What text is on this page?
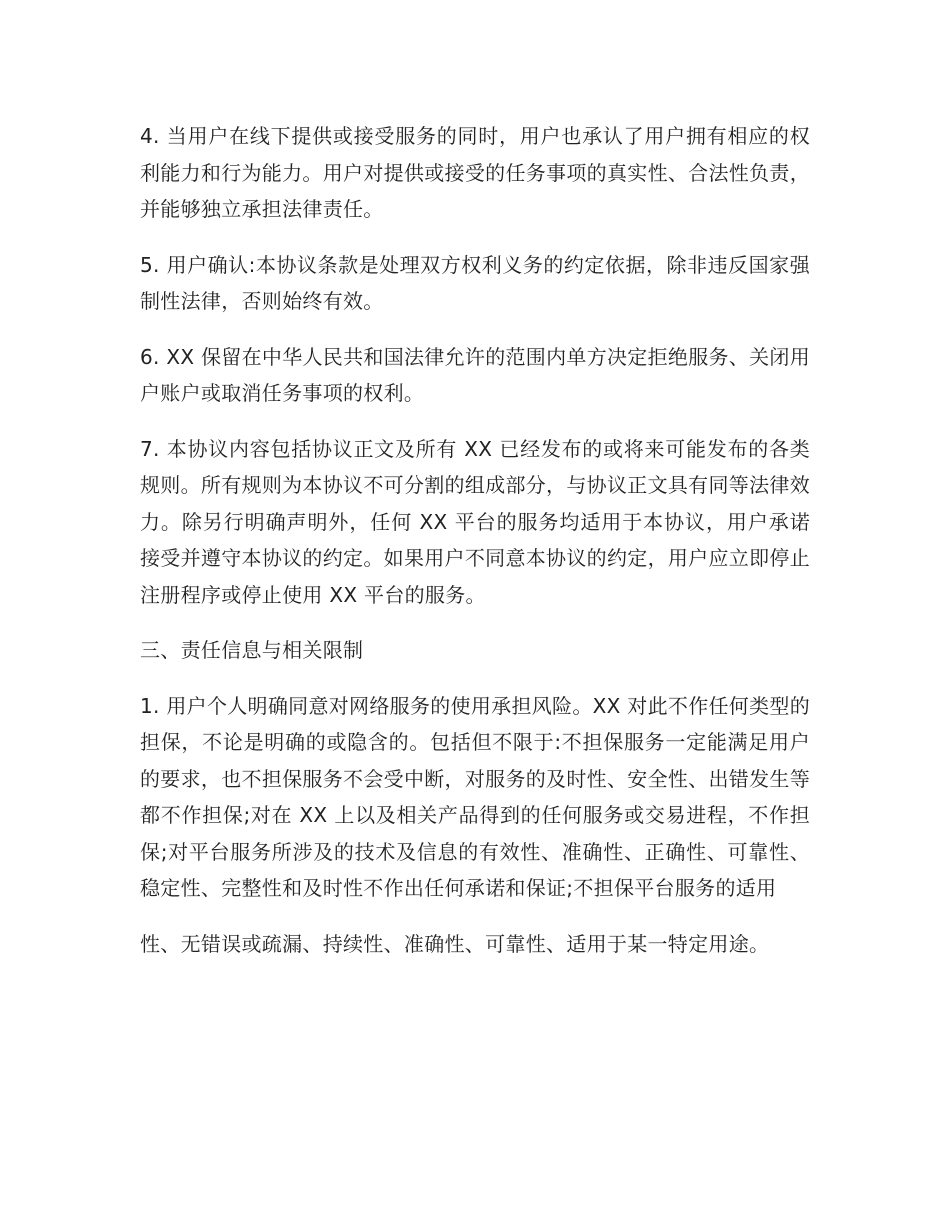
4. 当用户在线下提供或接受服务的同时，用户也承认了用户拥有相应的权利能力和行为能力。用户对提供或接受的任务事项的真实性、合法性负责，并能够独立承担法律责任。

5. 用户确认:本协议条款是处理双方权利义务的约定依据，除非违反国家强制性法律，否则始终有效。

6. XX 保留在中华人民共和国法律允许的范围内单方决定拒绝服务、关闭用户账户或取消任务事项的权利。

7. 本协议内容包括协议正文及所有 XX 已经发布的或将来可能发布的各类规则。所有规则为本协议不可分割的组成部分，与协议正文具有同等法律效力。除另行明确声明外，任何 XX 平台的服务均适用于本协议，用户承诺接受并遵守本协议的约定。如果用户不同意本协议的约定，用户应立即停止注册程序或停止使用 XX 平台的服务。

三、责任信息与相关限制

1. 用户个人明确同意对网络服务的使用承担风险。XX 对此不作任何类型的担保，不论是明确的或隐含的。包括但不限于:不担保服务一定能满足用户的要求，也不担保服务不会受中断，对服务的及时性、安全性、出错发生等都不作担保;对在 XX 上以及相关产品得到的任何服务或交易进程，不作担保;对平台服务所涉及的技术及信息的有效性、准确性、正确性、可靠性、稳定性、完整性和及时性不作出任何承诺和保证;不担保平台服务的适用

性、无错误或疏漏、持续性、准确性、可靠性、适用于某一特定用途。
